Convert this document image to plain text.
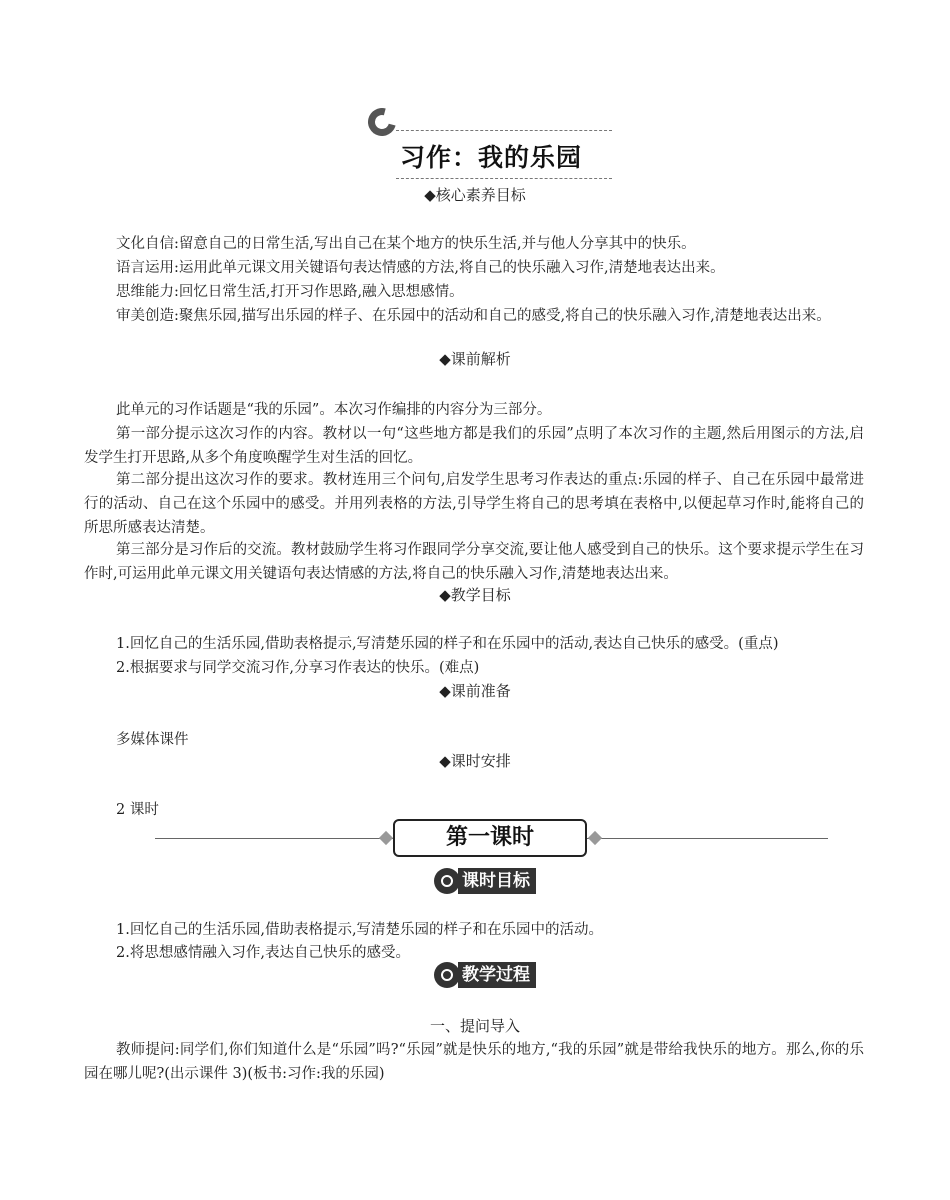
习作：我的乐园
◆核心素养目标

文化自信:留意自己的日常生活,写出自己在某个地方的快乐生活,并与他人分享其中的快乐。

语言运用:运用此单元课文用关键语句表达情感的方法,将自己的快乐融入习作,清楚地表达出来。

思维能力:回忆日常生活,打开习作思路,融入思想感情。

审美创造:聚焦乐园,描写出乐园的样子、在乐园中的活动和自己的感受,将自己的快乐融入习作,清楚地表达出来。

◆课前解析

此单元的习作话题是“我的乐园”。本次习作编排的内容分为三部分。

第一部分提示这次习作的内容。教材以一句“这些地方都是我们的乐园”点明了本次习作的主题,然后用图示的方法,启发学生打开思路,从多个角度唤醒学生对生活的回忆。

第二部分提出这次习作的要求。教材连用三个问句,启发学生思考习作表达的重点:乐园的样子、自己在乐园中最常进行的活动、自己在这个乐园中的感受。并用列表格的方法,引导学生将自己的思考填在表格中,以便起草习作时,能将自己的所思所感表达清楚。

第三部分是习作后的交流。教材鼓励学生将习作跟同学分享交流,要让他人感受到自己的快乐。这个要求提示学生在习作时,可运用此单元课文用关键语句表达情感的方法,将自己的快乐融入习作,清楚地表达出来。

◆教学目标

1.回忆自己的生活乐园,借助表格提示,写清楚乐园的样子和在乐园中的活动,表达自己快乐的感受。(重点)

2.根据要求与同学交流习作,分享习作表达的快乐。(难点)

◆课前准备

多媒体课件

◆课时安排

2 课时

第一课时
课时目标

1.回忆自己的生活乐园,借助表格提示,写清楚乐园的样子和在乐园中的活动。

2.将思想感情融入习作,表达自己快乐的感受。

教学过程
一、提问导入

教师提问:同学们,你们知道什么是“乐园”吗?“乐园”就是快乐的地方,“我的乐园”就是带给我快乐的地方。那么,你的乐园在哪儿呢?(出示课件 3)(板书:习作:我的乐园)
